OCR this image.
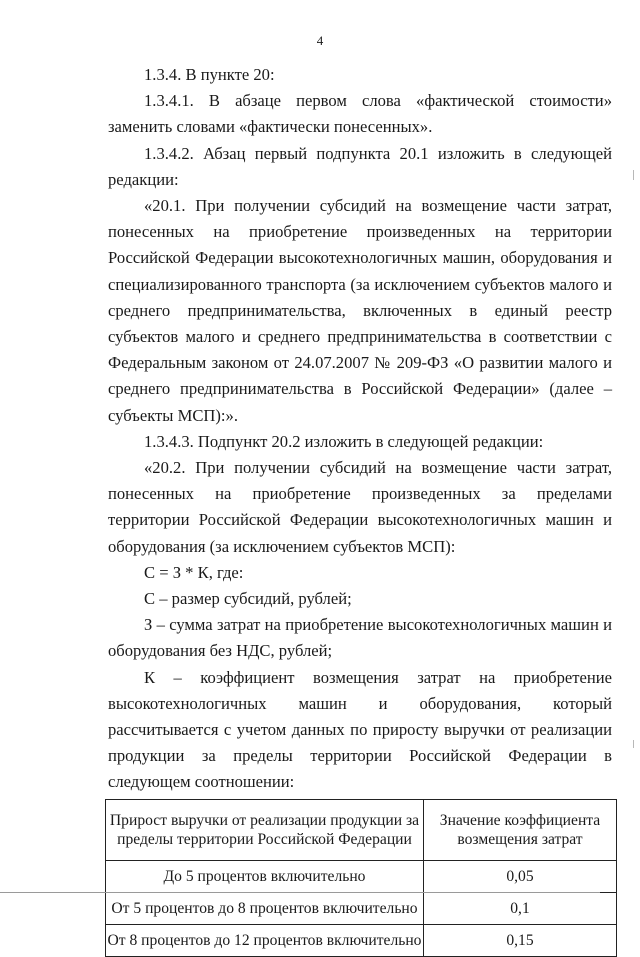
4

1.3.4. В пункте 20:

1.3.4.1. В абзаце первом слова «фактической стоимости» заменить словами «фактически понесенных».

1.3.4.2. Абзац первый подпункта 20.1 изложить в следующей редакции:

«20.1. При получении субсидий на возмещение части затрат, понесенных на приобретение произведенных на территории Российской Федерации высокотехнологичных машин, оборудования и специализированного транспорта (за исключением субъектов малого и среднего предпринимательства, включенных в единый реестр субъектов малого и среднего предпринимательства в соответствии с Федеральным законом от 24.07.2007 № 209-ФЗ «О развитии малого и среднего предпринимательства в Российской Федерации» (далее – субъекты МСП):».

1.3.4.3. Подпункт 20.2 изложить в следующей редакции:

«20.2. При получении субсидий на возмещение части затрат, понесенных на приобретение произведенных за пределами территории Российской Федерации высокотехнологичных машин и оборудования (за исключением субъектов МСП):

С = З * К, где:

С – размер субсидий, рублей;

З – сумма затрат на приобретение высокотехнологичных машин и оборудования без НДС, рублей;

К – коэффициент возмещения затрат на приобретение высокотехнологичных машин и оборудования, который рассчитывается с учетом данных по приросту выручки от реализации продукции за пределы территории Российской Федерации в следующем соотношении:

Прирост выручки от реализации продукции за пределы территории Российской Федерации	Значение коэффициента возмещения затрат
До 5 процентов включительно	0,05
От 5 процентов до 8 процентов включительно	0,1
От 8 процентов до 12 процентов включительно	0,15
